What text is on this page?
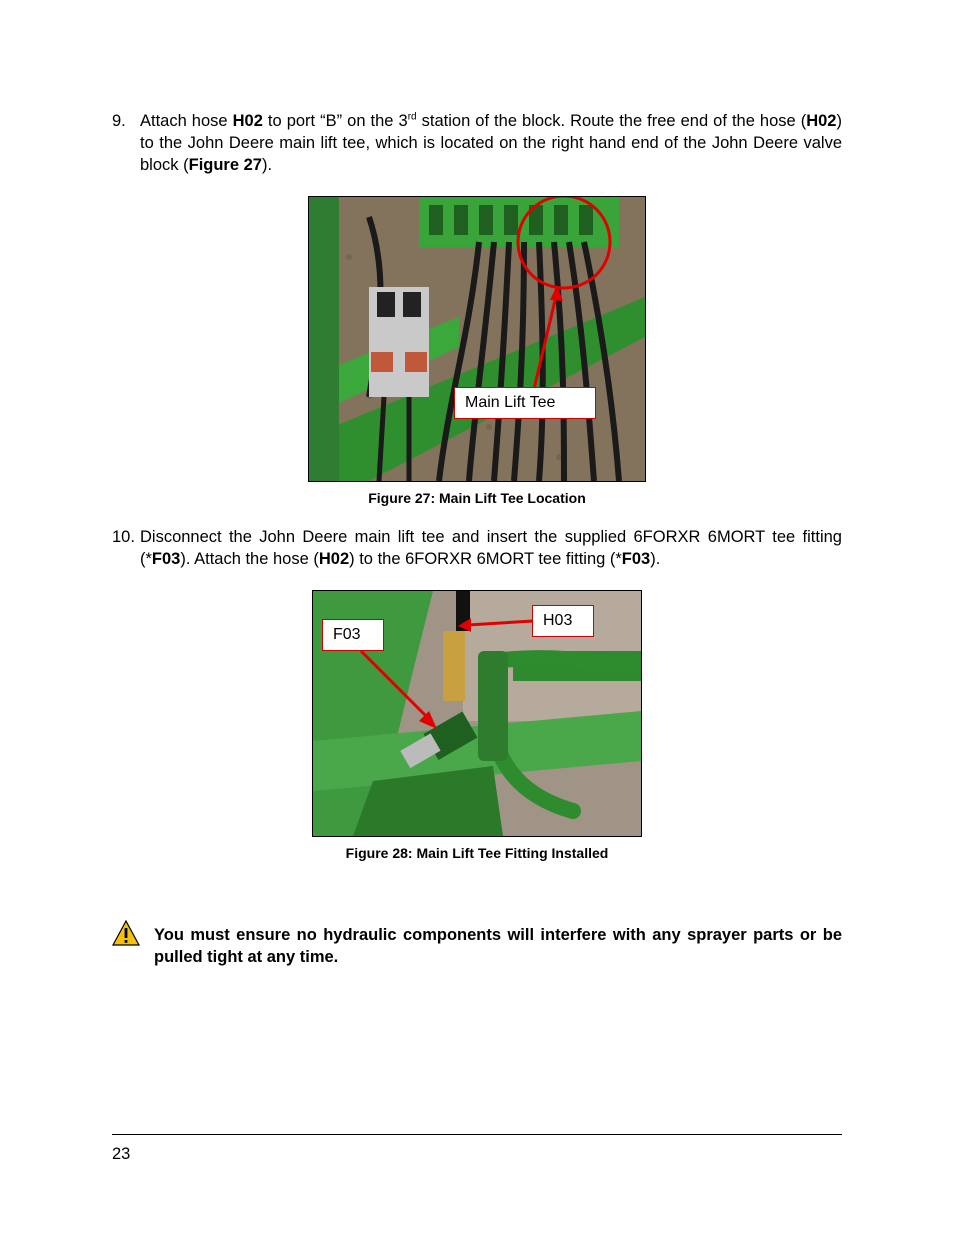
9. Attach hose H02 to port “B” on the 3rd station of the block. Route the free end of the hose (H02) to the John Deere main lift tee, which is located on the right hand end of the John Deere valve block (Figure 27).
Main Lift Tee
Figure 27: Main Lift Tee Location
10. Disconnect the John Deere main lift tee and insert the supplied 6FORXR 6MORT tee fitting (*F03). Attach the hose (H02) to the 6FORXR 6MORT tee fitting (*F03).
F03
H03
Figure 28: Main Lift Tee Fitting Installed
You must ensure no hydraulic components will interfere with any sprayer parts or be pulled tight at any time.
23
